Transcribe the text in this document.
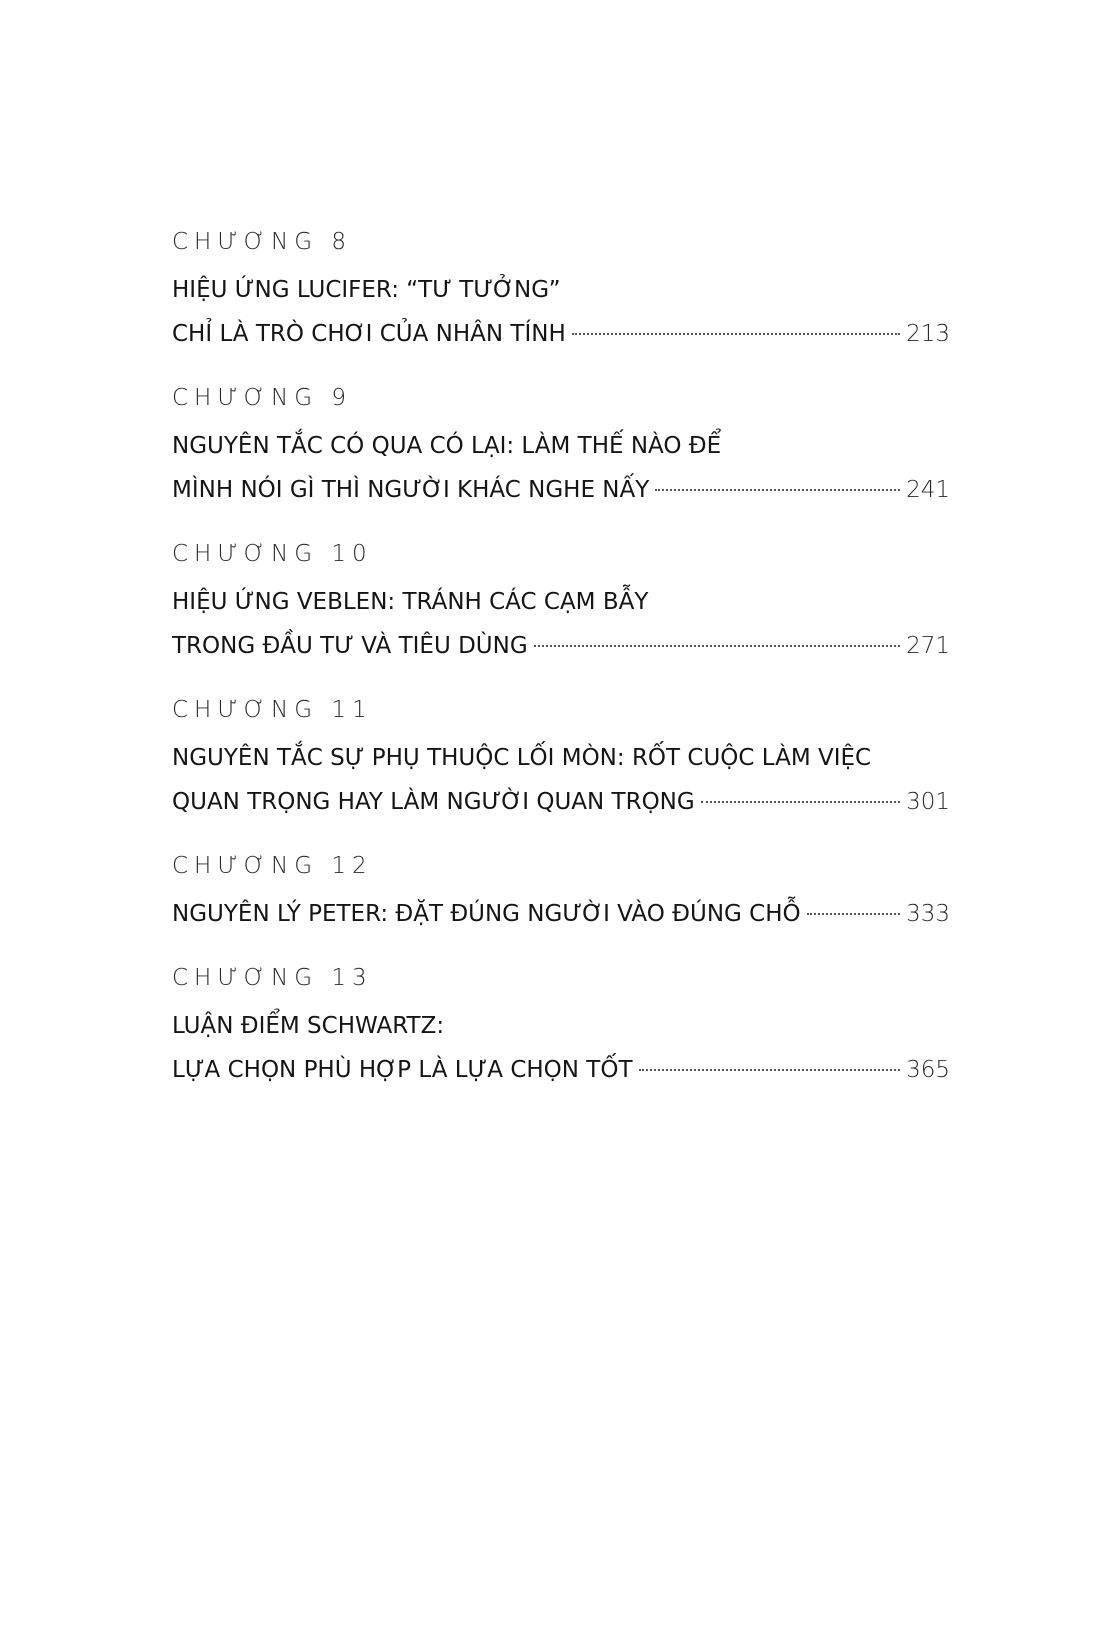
CHƯƠNG 8
HIỆU ỨNG LUCIFER: “TƯ TƯỞNG”
CHỈ LÀ TRÒ CHƠI CỦA NHÂN TÍNH	213
CHƯƠNG 9
NGUYÊN TẮC CÓ QUA CÓ LẠI: LÀM THẾ NÀO ĐỂ
MÌNH NÓI GÌ THÌ NGƯỜI KHÁC NGHE NẤY	241
CHƯƠNG 10
HIỆU ỨNG VEBLEN: TRÁNH CÁC CẠM BẪY
TRONG ĐẦU TƯ VÀ TIÊU DÙNG	271
CHƯƠNG 11
NGUYÊN TẮC SỰ PHỤ THUỘC LỐI MÒN: RỐT CUỘC LÀM VIỆC
QUAN TRỌNG HAY LÀM NGƯỜI QUAN TRỌNG	301
CHƯƠNG 12
NGUYÊN LÝ PETER: ĐẶT ĐÚNG NGƯỜI VÀO ĐÚNG CHỖ	333
CHƯƠNG 13
LUẬN ĐIỂM SCHWARTZ:
LỰA CHỌN PHÙ HỢP LÀ LỰA CHỌN TỐT	365
